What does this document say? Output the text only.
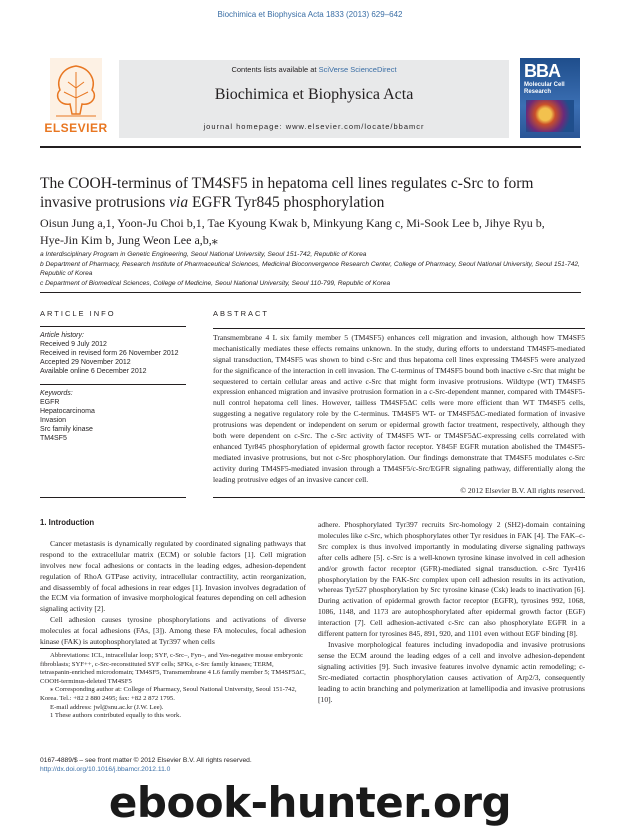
Biochimica et Biophysica Acta 1833 (2013) 629–642
ELSEVIER
Contents lists available at SciVerse ScienceDirect
Biochimica et Biophysica Acta
journal homepage: www.elsevier.com/locate/bbamcr
BBA
Molecular Cell Research
The COOH-terminus of TM4SF5 in hepatoma cell lines regulates c-Src to form invasive protrusions via EGFR Tyr845 phosphorylation
Oisun Jung a,1, Yoon-Ju Choi b,1, Tae Kyoung Kwak b, Minkyung Kang c, Mi-Sook Lee b, Jihye Ryu b,
Hye-Jin Kim b, Jung Weon Lee a,b,⁎
a Interdisciplinary Program in Genetic Engineering, Seoul National University, Seoul 151-742, Republic of Korea
b Department of Pharmacy, Research Institute of Pharmaceutical Sciences, Medicinal Bioconvergence Research Center, College of Pharmacy, Seoul National University, Seoul 151-742, Republic of Korea
c Department of Biomedical Sciences, College of Medicine, Seoul National University, Seoul 110-799, Republic of Korea
ARTICLE INFO
Article history:
Received 9 July 2012
Received in revised form 26 November 2012
Accepted 29 November 2012
Available online 6 December 2012
Keywords:
EGFR
Hepatocarcinoma
Invasion
Src family kinase
TM4SF5
ABSTRACT
Transmembrane 4 L six family member 5 (TM4SF5) enhances cell migration and invasion, although how TM4SF5 mechanistically mediates these effects remains unknown. In the study, during efforts to understand TM4SF5-mediated signal transduction, TM4SF5 was shown to bind c-Src and thus hepatoma cell lines expressing TM4SF5 were analyzed for the significance of the interaction in cell invasion. The C-terminus of TM4SF5 bound both inactive c-Src that might be sequestered to certain cellular areas and active c-Src that might form invasive protrusions. Wildtype (WT) TM4SF5 expression enhanced migration and invasive protrusion formation in a c-Src-dependent manner, compared with TM4SF5-null control hepatoma cell lines. However, tailless TM4SF5ΔC cells were more efficient than WT TM4SF5 cells, suggesting a negative regulatory role by the C-terminus. TM4SF5 WT- or TM4SF5ΔC-mediated formation of invasive protrusions was dependent or independent on serum or epidermal growth factor treatment, respectively, although they both were dependent on c-Src. The c-Src activity of TM4SF5 WT- or TM4SF5ΔC-expressing cells correlated with enhanced Tyr845 phosphorylation of epidermal growth factor receptor. Y845F EGFR mutation abolished the TM4SF5-mediated invasive protrusions, but not c-Src phosphorylation. Our findings demonstrate that TM4SF5 modulates c-Src activity during TM4SF5-mediated invasion through a TM4SF5/c-Src/EGFR signaling pathway, differentially along the leading protrusive edges of an invasive cancer cell.
© 2012 Elsevier B.V. All rights reserved.
1. Introduction

Cancer metastasis is dynamically regulated by coordinated signaling pathways that respond to the extracellular matrix (ECM) or soluble factors [1]. Cell migration involves new focal adhesions or contacts in the leading edges, adhesion-dependent regulation of RhoA GTPase activity, intracellular contractility, actin reorganization, and disassembly of focal adhesions in rear edges [1]. Invasion involves degradation of the ECM via formation of invasive morphological features depending on cell adhesion signaling activity [2].

Cell adhesion causes tyrosine phosphorylations and activations of diverse molecules at focal adhesions (FAs, [3]). Among these FA molecules, focal adhesion kinase (FAK) is autophosphorylated at Tyr397 when cells

Abbreviations: ICL, intracellular loop; SYF, c-Src–, Fyn–, and Yes-negative mouse embryonic fibroblasts; SYF++, c-Src-reconstituted SYF cells; SFKs, c-Src family kinases; TERM, tetraspanin-enriched microdomain; TM4SF5, Transmembrane 4 L6 family member 5; TM4SF5ΔC, COOH-terminus-deleted TM4SF5
⁎ Corresponding author at: College of Pharmacy, Seoul National University, Seoul 151-742, Korea. Tel.: +82 2 880 2495; fax: +82 2 872 1795.
E-mail address: jwl@snu.ac.kr (J.W. Lee).
1 These authors contributed equally to this work.

adhere. Phosphorylated Tyr397 recruits Src-homology 2 (SH2)-domain containing molecules like c-Src, which phosphorylates other Tyr residues in FAK [4]. The FAK–c-Src complex is thus involved importantly in modulating diverse signaling pathways after cells adhere [5]. c-Src is a well-known tyrosine kinase involved in cell adhesion and/or growth factor receptor (GFR)-mediated signal transduction. c-Src Tyr416 phosphorylation by the FAK-Src complex upon cell adhesion results in its activation, whereas Tyr527 phosphorylation by Src tyrosine kinase (Csk) leads to inactivation [6]. During activation of epidermal growth factor receptor (EGFR), tyrosines 992, 1068, 1086, 1148, and 1173 are autophosphorylated after epidermal growth factor (EGF) interaction [7]. Cell adhesion-activated c-Src can also phosphorylate EGFR in a different pattern for tyrosines 845, 891, 920, and 1101 even without EGF binding [8].

Invasive morphological features including invadopodia and invasive protrusions sense the ECM around the leading edges of a cell and involve adhesion-dependent signaling activities [9]. Such invasive features involve dynamic actin remodeling; c-Src-mediated cortactin phosphorylation causes activation of Arp2/3, consequently leading to actin branching and polymerization at lamellipodia and invasive protrusions [10].

0167-4889/$ – see front matter © 2012 Elsevier B.V. All rights reserved.
http://dx.doi.org/10.1016/j.bbamcr.2012.11.0
ebook-hunter.org
